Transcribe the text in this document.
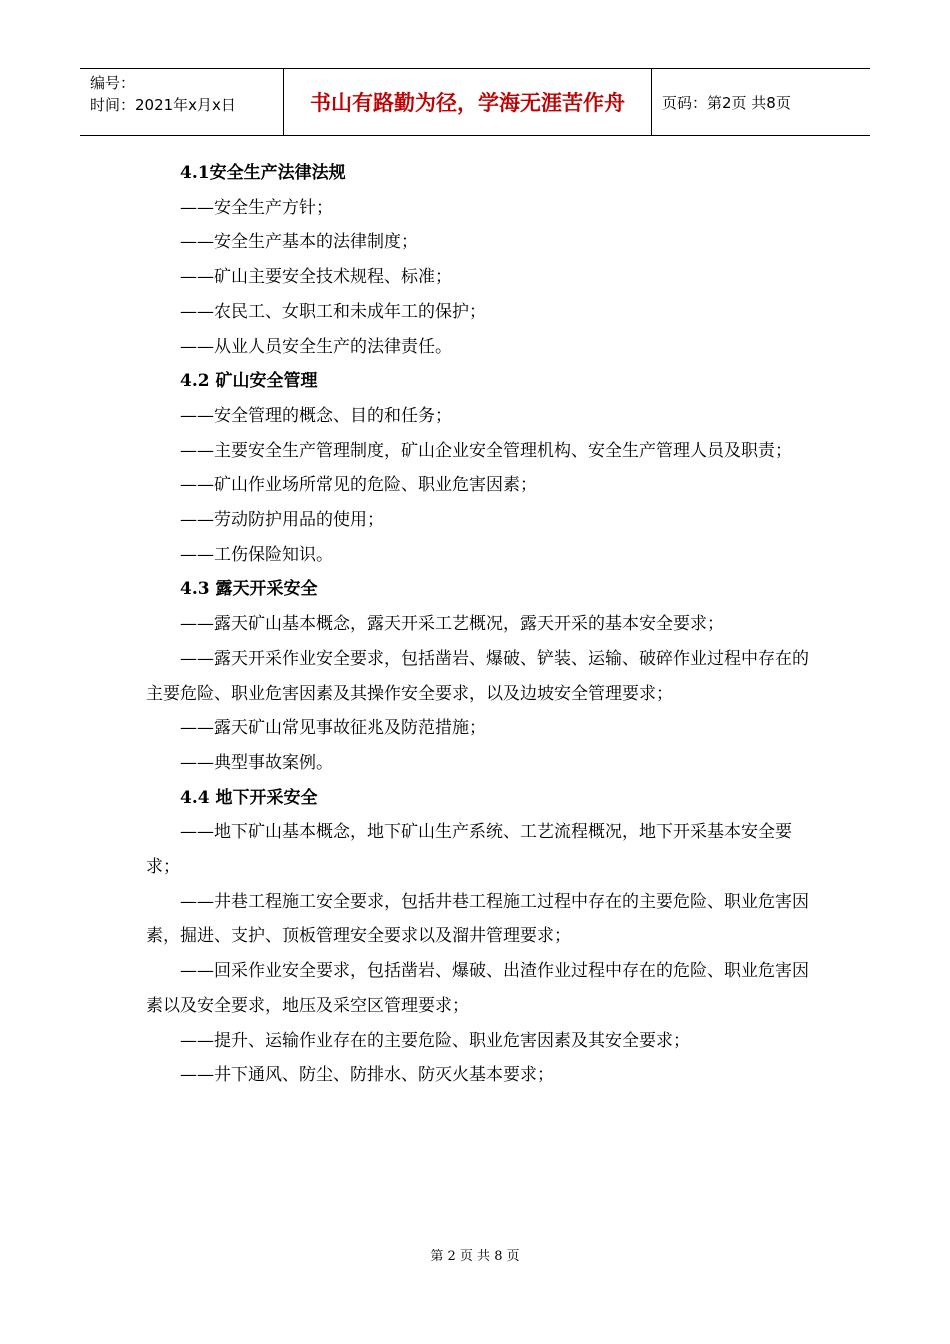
编号：
时间：2021年x月x日	书山有路勤为径，学海无涯苦作舟	页码：第2页 共8页

4.1安全生产法律法规

——安全生产方针；

——安全生产基本的法律制度；

——矿山主要安全技术规程、标准；

——农民工、女职工和未成年工的保护；

——从业人员安全生产的法律责任。

4.2 矿山安全管理

——安全管理的概念、目的和任务；

——主要安全生产管理制度，矿山企业安全管理机构、安全生产管理人员及职责；

——矿山作业场所常见的危险、职业危害因素；

——劳动防护用品的使用；

——工伤保险知识。

4.3 露天开采安全

——露天矿山基本概念，露天开采工艺概况，露天开采的基本安全要求；

——露天开采作业安全要求，包括凿岩、爆破、铲装、运输、破碎作业过程中存在的主要危险、职业危害因素及其操作安全要求，以及边坡安全管理要求；

——露天矿山常见事故征兆及防范措施；

——典型事故案例。

4.4 地下开采安全

——地下矿山基本概念，地下矿山生产系统、工艺流程概况，地下开采基本安全要求；

——井巷工程施工安全要求，包括井巷工程施工过程中存在的主要危险、职业危害因素，掘进、支护、顶板管理安全要求以及溜井管理要求；

——回采作业安全要求，包括凿岩、爆破、出渣作业过程中存在的危险、职业危害因素以及安全要求，地压及采空区管理要求；

——提升、运输作业存在的主要危险、职业危害因素及其安全要求；

——井下通风、防尘、防排水、防灭火基本要求；

第 2 页 共 8 页
